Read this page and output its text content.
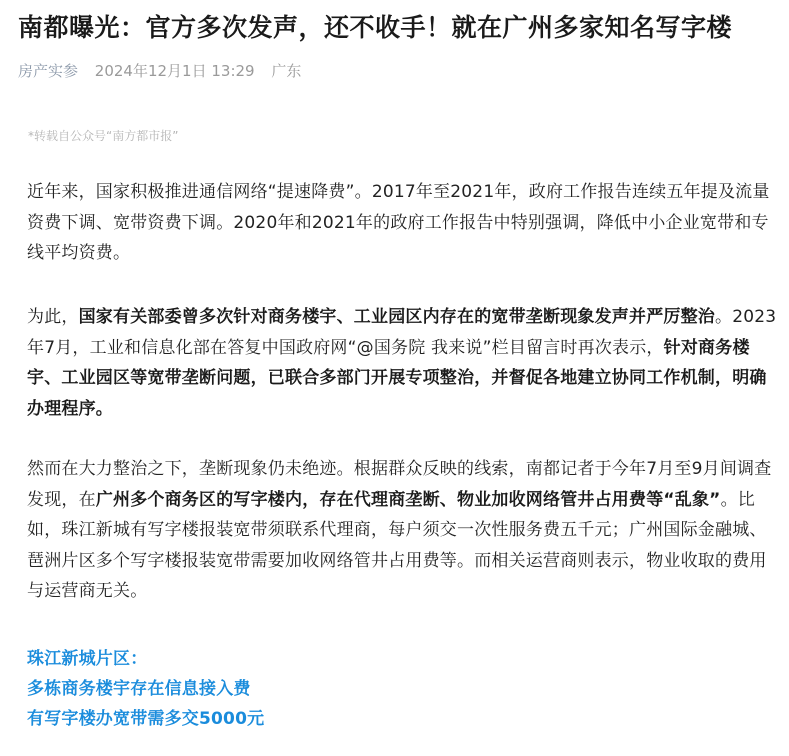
南都曝光：官方多次发声，还不收手！就在广州多家知名写字楼
房产实参 2024年12月1日 13:29 广东
*转载自公众号“南方都市报”

近年来，国家积极推进通信网络“提速降费”。2017年至2021年，政府工作报告连续五年提及流量资费下调、宽带资费下调。2020年和2021年的政府工作报告中特别强调，降低中小企业宽带和专线平均资费。

为此，国家有关部委曾多次针对商务楼宇、工业园区内存在的宽带垄断现象发声并严厉整治。2023年7月，工业和信息化部在答复中国政府网“@国务院 我来说”栏目留言时再次表示，针对商务楼宇、工业园区等宽带垄断问题，已联合多部门开展专项整治，并督促各地建立协同工作机制，明确办理程序。

然而在大力整治之下，垄断现象仍未绝迹。根据群众反映的线索，南都记者于今年7月至9月间调查发现，在广州多个商务区的写字楼内，存在代理商垄断、物业加收网络管井占用费等“乱象”。比如，珠江新城有写字楼报装宽带须联系代理商，每户须交一次性服务费五千元；广州国际金融城、琶洲片区多个写字楼报装宽带需要加收网络管井占用费等。而相关运营商则表示，物业收取的费用与运营商无关。

珠江新城片区：
多栋商务楼宇存在信息接入费
有写字楼办宽带需多交5000元
